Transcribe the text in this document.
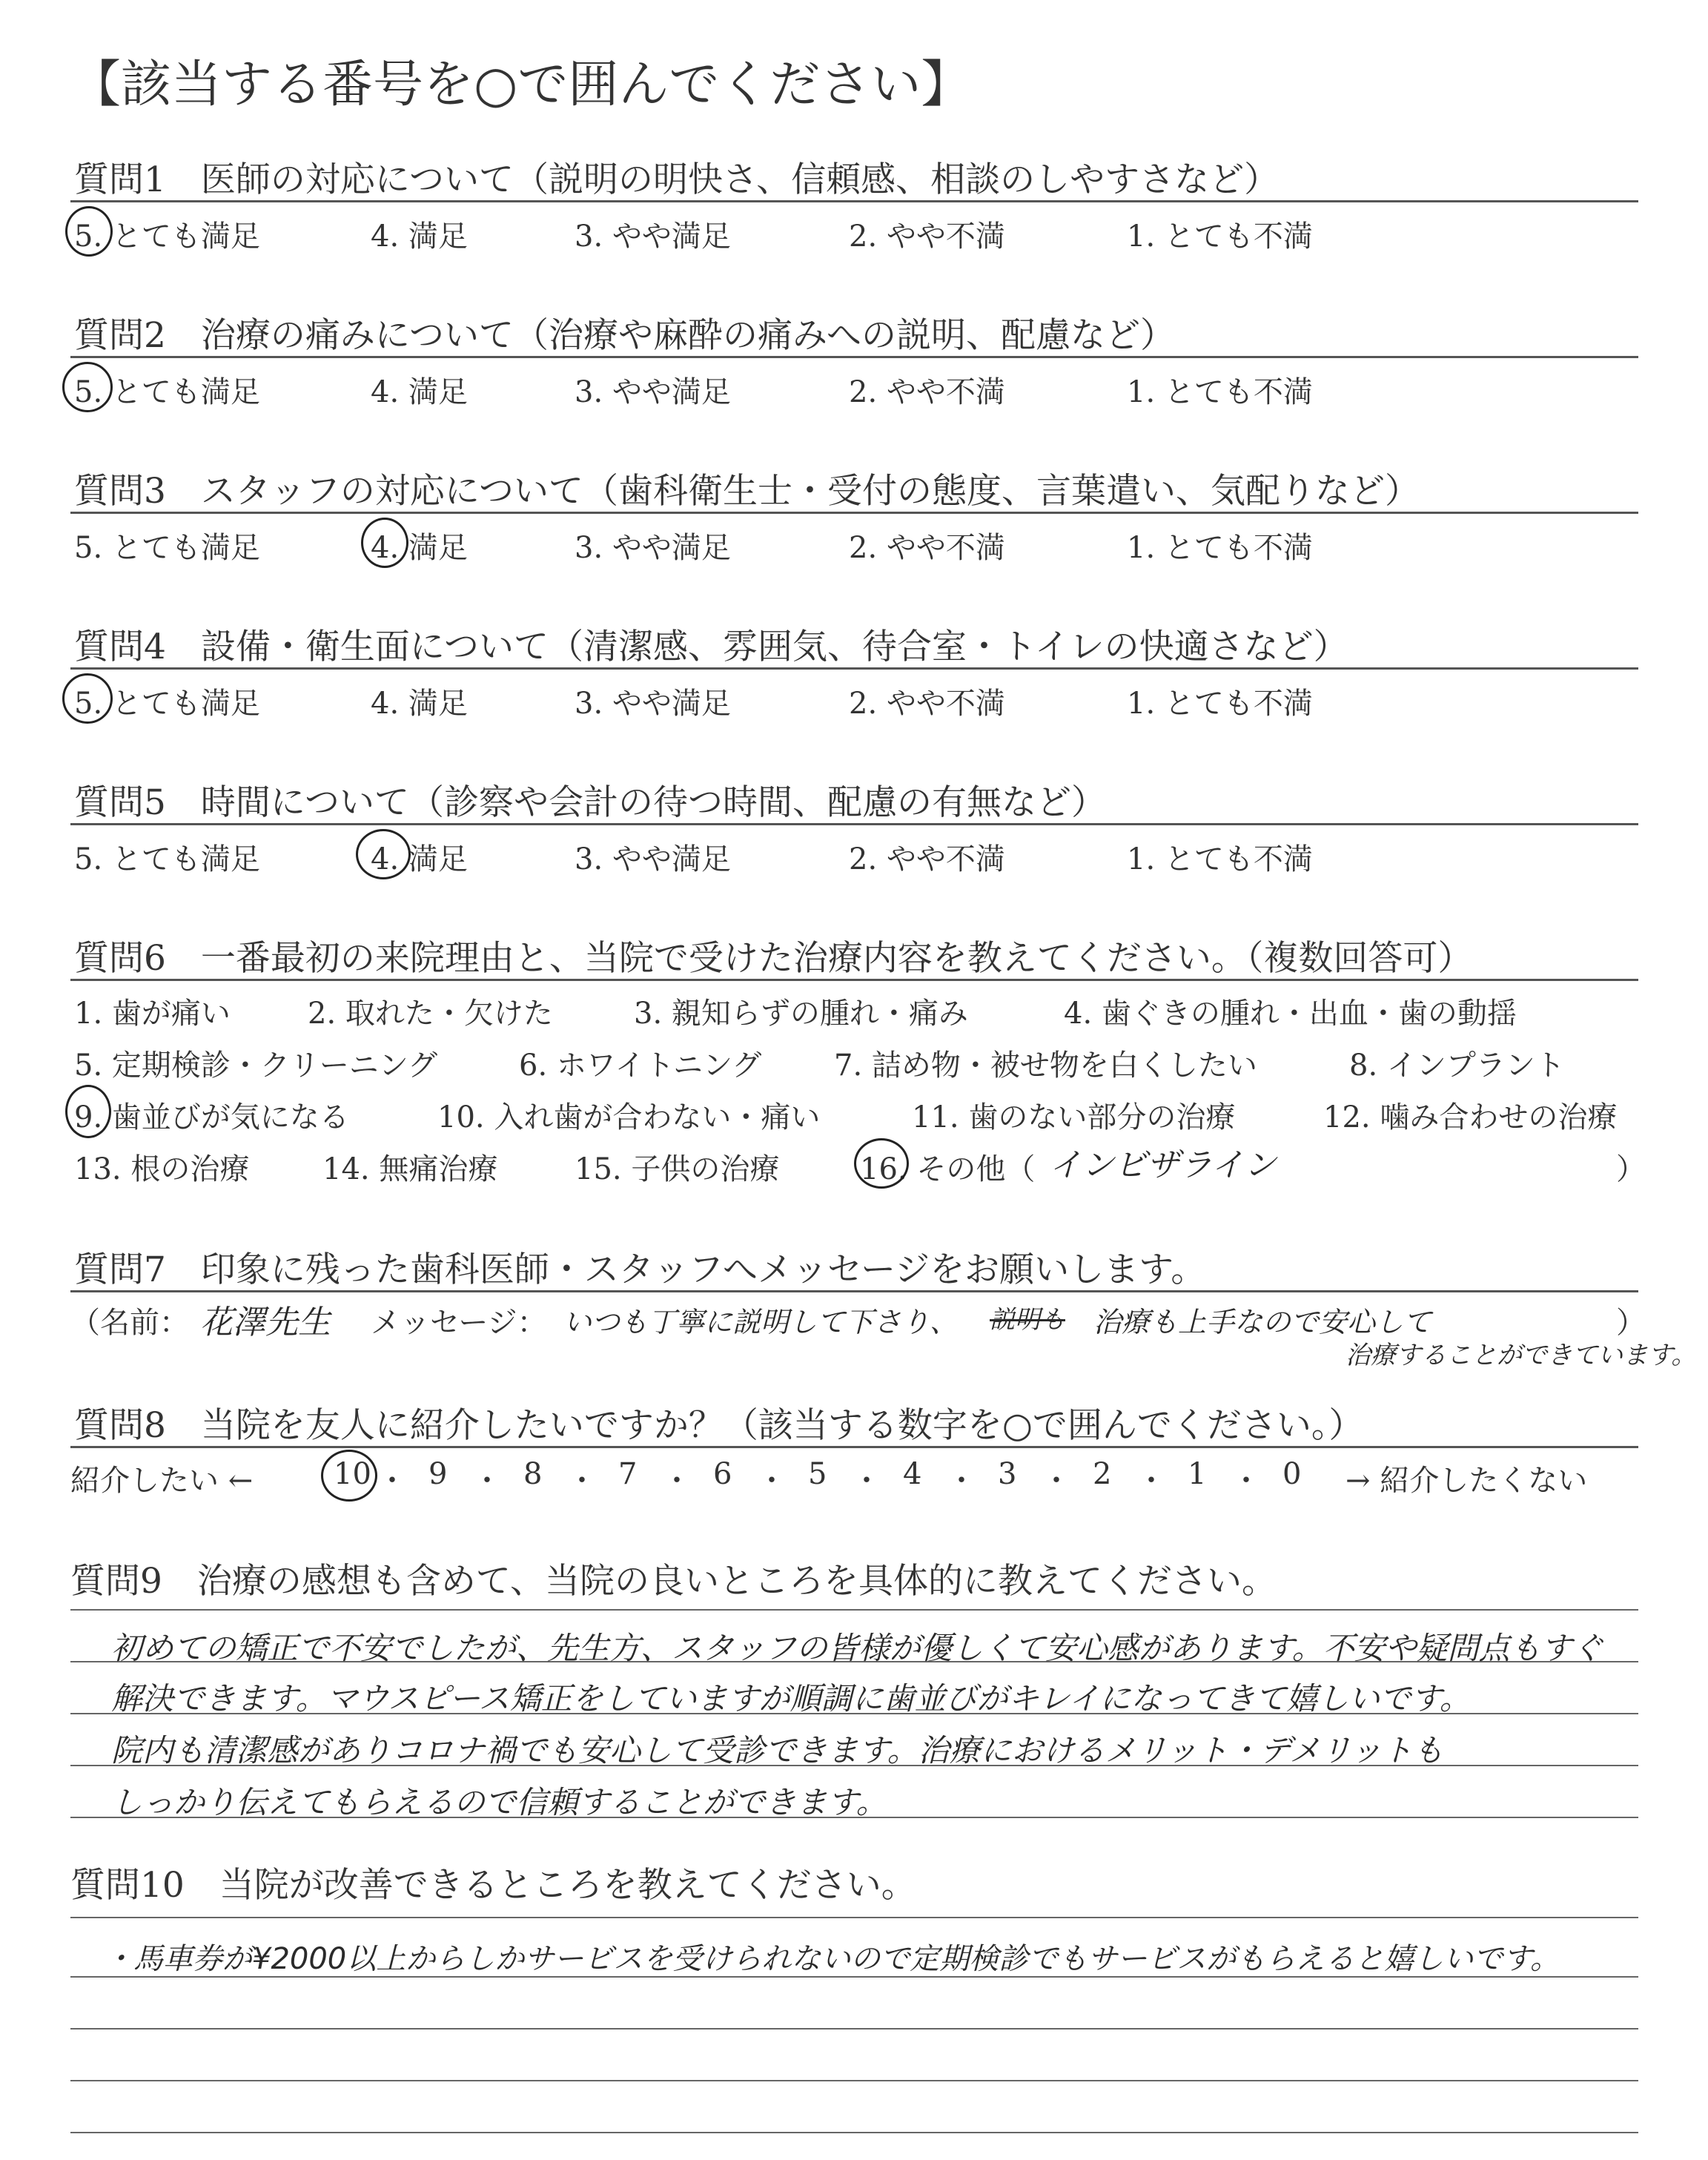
【該当する番号を○で囲んでください】
質問1　医師の対応について（説明の明快さ、信頼感、相談のしやすさなど）
5. とても満足	4. 満足	3. やや満足	2. やや不満	1. とても不満
質問2　治療の痛みについて（治療や麻酔の痛みへの説明、配慮など）
5. とても満足	4. 満足	3. やや満足	2. やや不満	1. とても不満
質問3　スタッフの対応について（歯科衛生士・受付の態度、言葉遣い、気配りなど）
5. とても満足	4. 満足	3. やや満足	2. やや不満	1. とても不満
質問4　設備・衛生面について（清潔感、雰囲気、待合室・トイレの快適さなど）
5. とても満足	4. 満足	3. やや満足	2. やや不満	1. とても不満
質問5　時間について（診察や会計の待つ時間、配慮の有無など）
5. とても満足	4. 満足	3. やや満足	2. やや不満	1. とても不満
質問6　一番最初の来院理由と、当院で受けた治療内容を教えてください。（複数回答可）
1. 歯が痛い	2. 取れた・欠けた	3. 親知らずの腫れ・痛み	4. 歯ぐきの腫れ・出血・歯の動揺
5. 定期検診・クリーニング	6. ホワイトニング 7. 詰め物・被せ物を白くしたい	8. インプラント
9. 歯並びが気になる	10. 入れ歯が合わない・痛い	11. 歯のない部分の治療	12. 噛み合わせの治療
13. 根の治療 14. 無痛治療	15. 子供の治療	16. その他（ インビザライン	）
質問7　印象に残った歯科医師・スタッフへメッセージをお願いします。
（名前： 花澤先生 メッセージ： いつも丁寧に説明して下さり、 説明も 治療も上手なので安心して	）
治療することができています。
質問8　当院を友人に紹介したいですか？（該当する数字を○で囲んでください。）
紹介したい ←	10 ・ 9 ・ 8 ・ 7 ・ 6 ・ 5 ・ 4 ・ 3 ・ 2 ・ 1 ・ 0 → 紹介したくない
質問9　治療の感想も含めて、当院の良いところを具体的に教えてください。
初めての矯正で不安でしたが、先生方、スタッフの皆様が優しくて安心感があります。不安や疑問点もすぐ
解決できます。マウスピース矯正をしていますが順調に歯並びがキレイになってきて嬉しいです。
院内も清潔感がありコロナ禍でも安心して受診できます。治療におけるメリット・デメリットも
しっかり伝えてもらえるので信頼することができます。
質問10　当院が改善できるところを教えてください。
・馬車券が¥2000以上からしかサービスを受けられないので定期検診でもサービスがもらえると嬉しいです。
